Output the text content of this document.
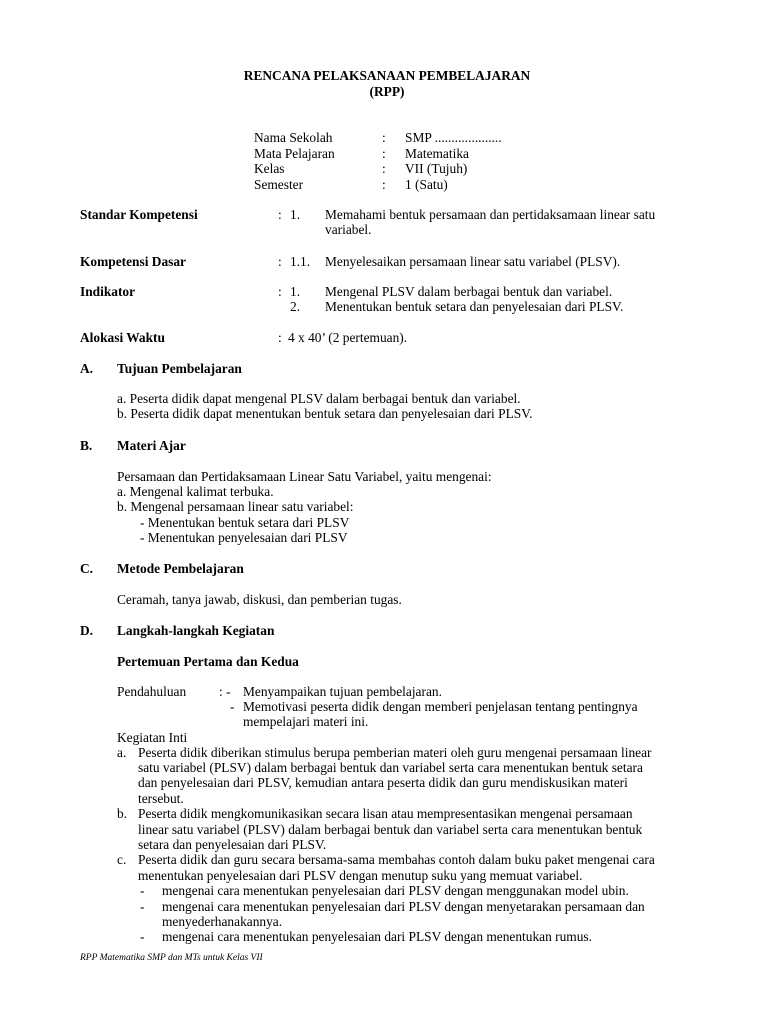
RENCANA PELAKSANAAN PEMBELAJARAN
(RPP)
Nama Sekolah	: SMP ....................
Mata Pelajaran	: Matematika
Kelas	: VII (Tujuh)
Semester	: 1 (Satu)
Standar Kompetensi	: 1. Memahami bentuk persamaan dan pertidaksamaan linear satu
variabel.
Kompetensi Dasar	: 1.1. Menyelesaikan persamaan linear satu variabel (PLSV).
Indikator	: 1. Mengenal PLSV dalam berbagai bentuk dan variabel.
2. Menentukan bentuk setara dan penyelesaian dari PLSV.
Alokasi Waktu	: 4 x 40’ (2 pertemuan).
A. Tujuan Pembelajaran
a. Peserta didik dapat mengenal PLSV dalam berbagai bentuk dan variabel.
b. Peserta didik dapat menentukan bentuk setara dan penyelesaian dari PLSV.
B. Materi Ajar
Persamaan dan Pertidaksamaan Linear Satu Variabel, yaitu mengenai:
a. Mengenal kalimat terbuka.
b. Mengenal persamaan linear satu variabel:
- Menentukan bentuk setara dari PLSV
- Menentukan penyelesaian dari PLSV
C. Metode Pembelajaran
Ceramah, tanya jawab, diskusi, dan pemberian tugas.
D. Langkah-langkah Kegiatan
Pertemuan Pertama dan Kedua
Pendahuluan : - Menyampaikan tujuan pembelajaran.
- Memotivasi peserta didik dengan memberi penjelasan tentang pentingnya
mempelajari materi ini.
Kegiatan Inti
a. Peserta didik diberikan stimulus berupa pemberian materi oleh guru mengenai persamaan linear
satu variabel (PLSV) dalam berbagai bentuk dan variabel serta cara menentukan bentuk setara
dan penyelesaian dari PLSV, kemudian antara peserta didik dan guru mendiskusikan materi
tersebut.
b. Peserta didik mengkomunikasikan secara lisan atau mempresentasikan mengenai persamaan
linear satu variabel (PLSV) dalam berbagai bentuk dan variabel serta cara menentukan bentuk
setara dan penyelesaian dari PLSV.
c. Peserta didik dan guru secara bersama-sama membahas contoh dalam buku paket mengenai cara
menentukan penyelesaian dari PLSV dengan menutup suku yang memuat variabel.
- mengenai cara menentukan penyelesaian dari PLSV dengan menggunakan model ubin.
- mengenai cara menentukan penyelesaian dari PLSV dengan menyetarakan persamaan dan
menyederhanakannya.
- mengenai cara menentukan penyelesaian dari PLSV dengan menentukan rumus.
RPP Matematika SMP dan MTs untuk Kelas VII
